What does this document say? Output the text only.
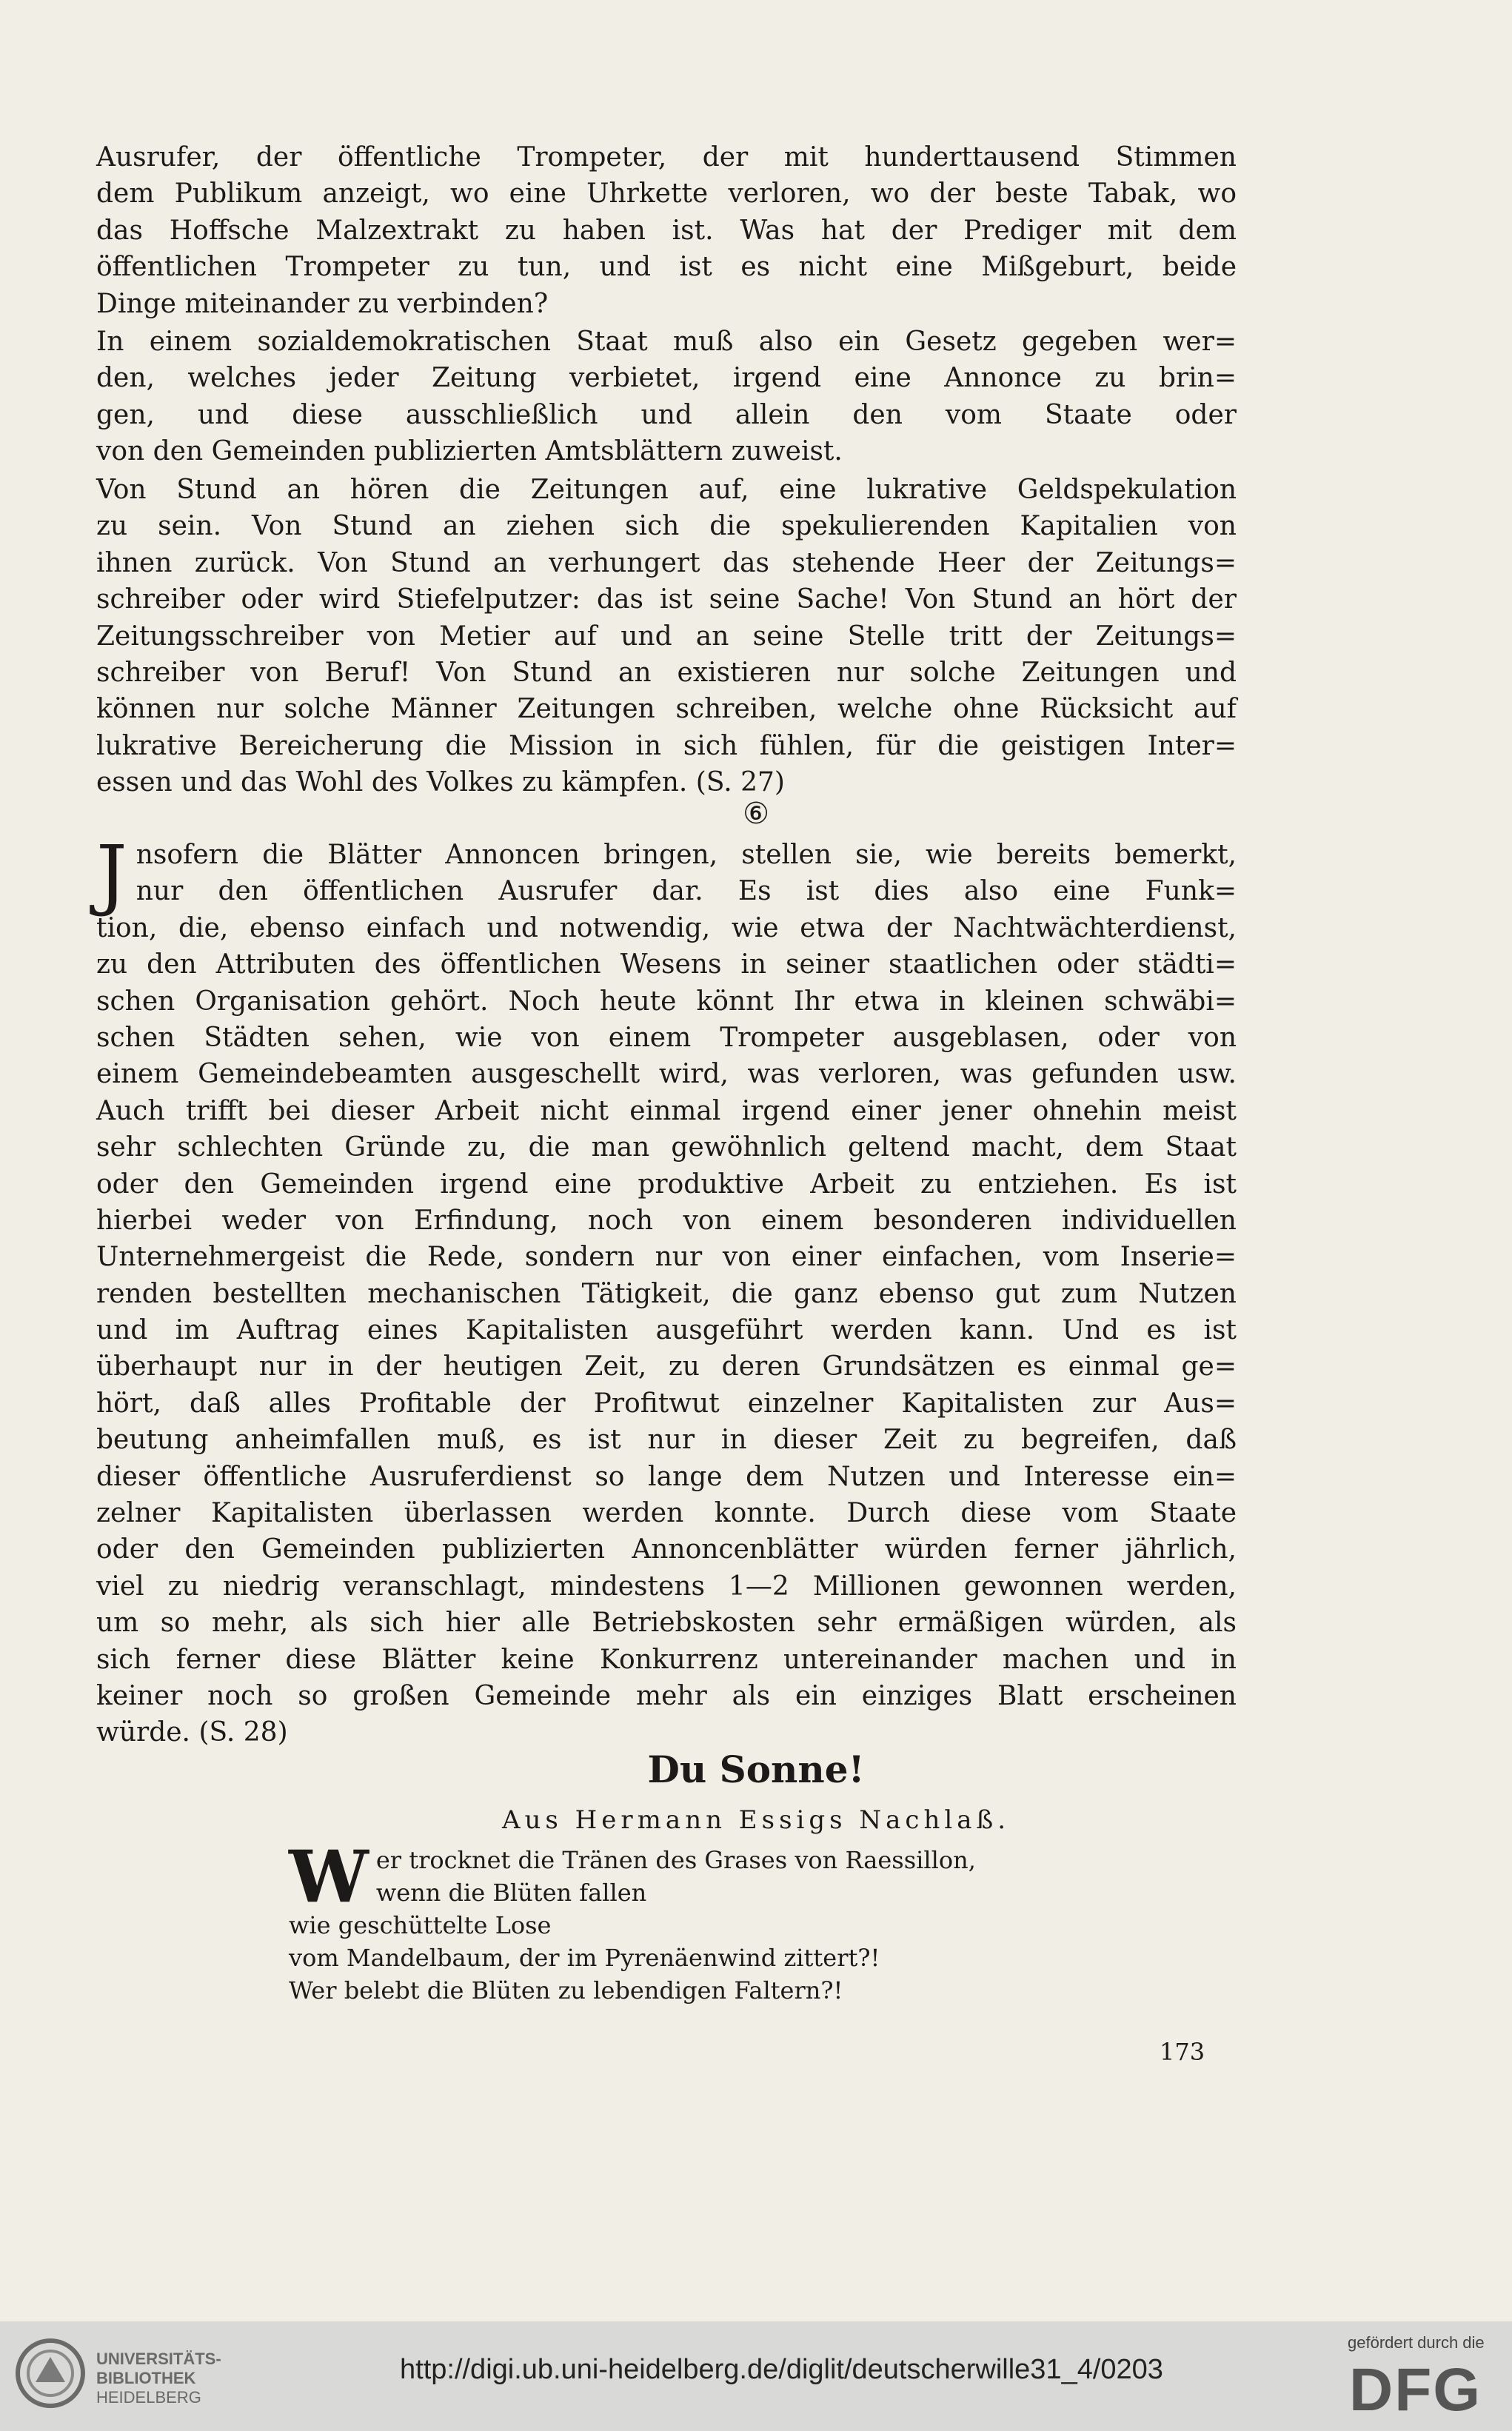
Ausrufer, der öffentliche Trompeter, der mit hunderttausend Stimmen
dem Publikum anzeigt, wo eine Uhrkette verloren, wo der beste Tabak, wo
das Hoffsche Malzextrakt zu haben ist. Was hat der Prediger mit dem
öffentlichen Trompeter zu tun, und ist es nicht eine Mißgeburt, beide
Dinge miteinander zu verbinden?
In einem sozialdemokratischen Staat muß also ein Gesetz gegeben wer=
den, welches jeder Zeitung verbietet, irgend eine Annonce zu brin=
gen, und diese ausschließlich und allein den vom Staate oder
von den Gemeinden publizierten Amtsblättern zuweist.
Von Stund an hören die Zeitungen auf, eine lukrative Geldspekulation
zu sein. Von Stund an ziehen sich die spekulierenden Kapitalien von
ihnen zurück. Von Stund an verhungert das stehende Heer der Zeitungs=
schreiber oder wird Stiefelputzer: das ist seine Sache! Von Stund an hört der
Zeitungsschreiber von Metier auf und an seine Stelle tritt der Zeitungs=
schreiber von Beruf! Von Stund an existieren nur solche Zeitungen und
können nur solche Männer Zeitungen schreiben, welche ohne Rücksicht auf
lukrative Bereicherung die Mission in sich fühlen, für die geistigen Inter=
essen und das Wohl des Volkes zu kämpfen. (S. 27)
⑥
J nsofern die Blätter Annoncen bringen, stellen sie, wie bereits bemerkt,
nur den öffentlichen Ausrufer dar. Es ist dies also eine Funk=
tion, die, ebenso einfach und notwendig, wie etwa der Nachtwächterdienst,
zu den Attributen des öffentlichen Wesens in seiner staatlichen oder städti=
schen Organisation gehört. Noch heute könnt Ihr etwa in kleinen schwäbi=
schen Städten sehen, wie von einem Trompeter ausgeblasen, oder von
einem Gemeindebeamten ausgeschellt wird, was verloren, was gefunden usw.
Auch trifft bei dieser Arbeit nicht einmal irgend einer jener ohnehin meist
sehr schlechten Gründe zu, die man gewöhnlich geltend macht, dem Staat
oder den Gemeinden irgend eine produktive Arbeit zu entziehen. Es ist
hierbei weder von Erfindung, noch von einem besonderen individuellen
Unternehmergeist die Rede, sondern nur von einer einfachen, vom Inserie=
renden bestellten mechanischen Tätigkeit, die ganz ebenso gut zum Nutzen
und im Auftrag eines Kapitalisten ausgeführt werden kann. Und es ist
überhaupt nur in der heutigen Zeit, zu deren Grundsätzen es einmal ge=
hört, daß alles Profitable der Profitwut einzelner Kapitalisten zur Aus=
beutung anheimfallen muß, es ist nur in dieser Zeit zu begreifen, daß
dieser öffentliche Ausruferdienst so lange dem Nutzen und Interesse ein=
zelner Kapitalisten überlassen werden konnte. Durch diese vom Staate
oder den Gemeinden publizierten Annoncenblätter würden ferner jährlich,
viel zu niedrig veranschlagt, mindestens 1—2 Millionen gewonnen werden,
um so mehr, als sich hier alle Betriebskosten sehr ermäßigen würden, als
sich ferner diese Blätter keine Konkurrenz untereinander machen und in
keiner noch so großen Gemeinde mehr als ein einziges Blatt erscheinen
würde. (S. 28)
Du Sonne!
Aus Hermann Essigs Nachlaß.
W er trocknet die Tränen des Grases von Raessillon,
wenn die Blüten fallen
wie geschüttelte Lose
vom Mandelbaum, der im Pyrenäenwind zittert?!
Wer belebt die Blüten zu lebendigen Faltern?!
173
UNIVERSITÄTS-
BIBLIOTHEK
HEIDELBERG
http://digi.ub.uni-heidelberg.de/diglit/deutscherwille31_4/0203
gefördert durch die
DFG
